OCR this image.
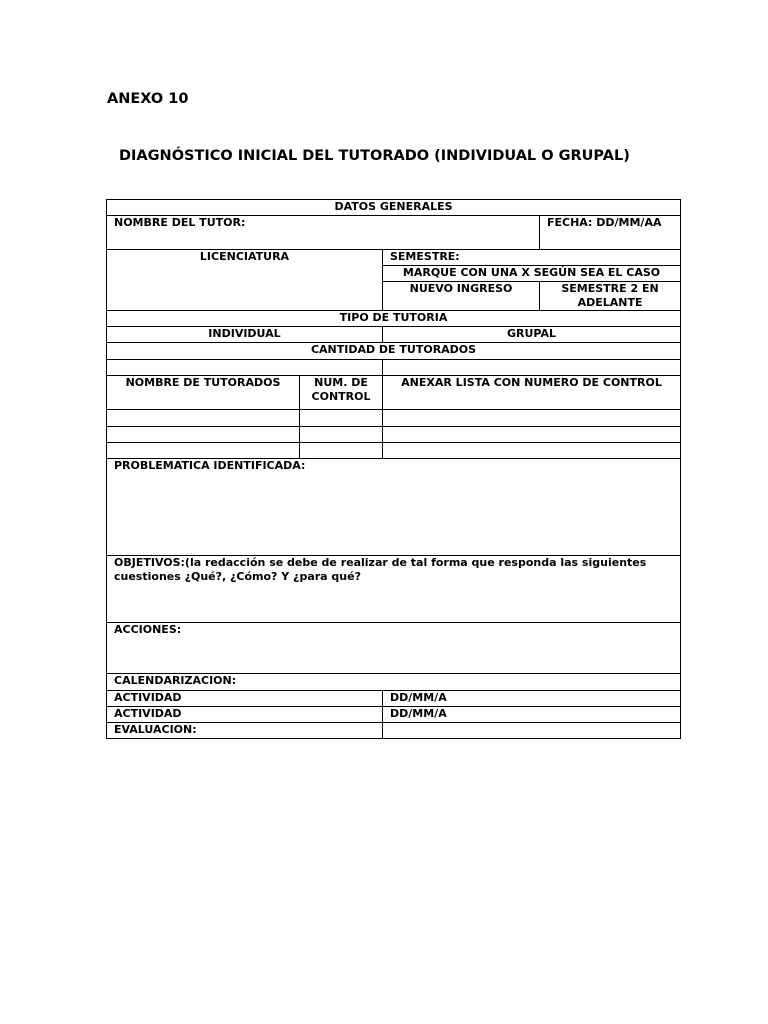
ANEXO 10
DIAGNÓSTICO INICIAL DEL TUTORADO (INDIVIDUAL O GRUPAL)
DATOS GENERALES			
NOMBRE DEL TUTOR:			FECHA: DD/MM/AA
LICENCIATURA		SEMESTRE:	
		MARQUE CON UNA X SEGÚN SEA EL CASO	
		NUEVO INGRESO	SEMESTRE 2 EN ADELANTE
TIPO DE TUTORIA			
INDIVIDUAL		GRUPAL	
CANTIDAD DE TUTORADOS			

NOMBRE DE TUTORADOS	NUM. DE CONTROL	ANEXAR LISTA CON NUMERO DE CONTROL	

PROBLEMATICA IDENTIFICADA:			
OBJETIVOS:(la redacción se debe de realizar de tal forma que responda las siguientes cuestiones ¿Qué?, ¿Cómo? Y ¿para qué?			
ACCIONES:			
CALENDARIZACION:			
ACTIVIDAD		DD/MM/A	
ACTIVIDAD		DD/MM/A	
EVALUACION:			
